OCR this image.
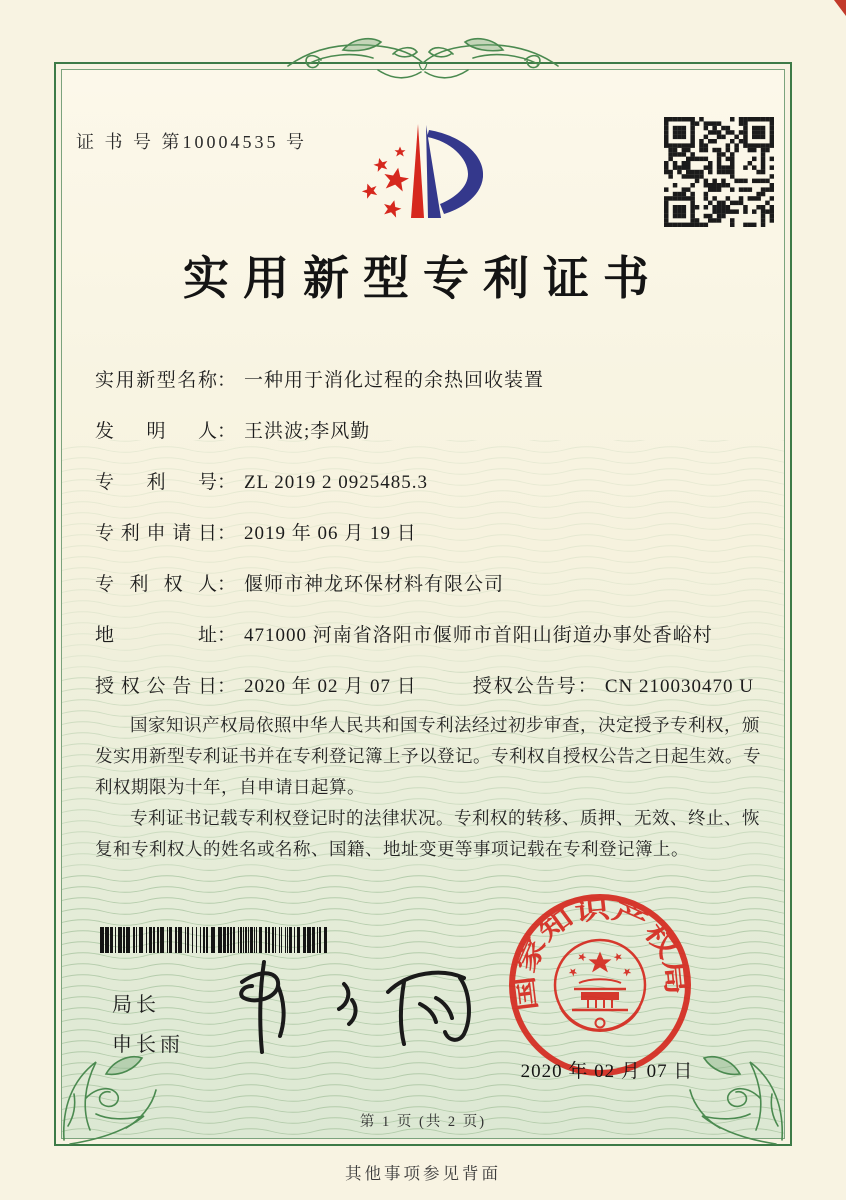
证 书 号 第10004535 号
实用新型专利证书
实 用 新 型 名 称 ： 一种用于消化过程的余热回收装置
发 明 人 ： 王洪波;李风勤
专 利 号 ： ZL 2019 2 0925485.3
专 利 申 请 日 ： 2019 年 06 月 19 日
专 利 权 人 ： 偃师市神龙环保材料有限公司
地	址 ： 471000 河南省洛阳市偃师市首阳山街道办事处香峪村
授 权 公 告 日 ： 2020 年 02 月 07 日	授权公告号： CN 210030470 U

国家知识产权局依照中华人民共和国专利法经过初步审查，决定授予专利权，颁发实用新型专利证书并在专利登记簿上予以登记。专利权自授权公告之日起生效。专利权期限为十年，自申请日起算。

专利证书记载专利权登记时的法律状况。专利权的转移、质押、无效、终止、恢复和专利权人的姓名或名称、国籍、地址变更等事项记载在专利登记簿上。

局长
申长雨
国家知识产权局
2020 年 02 月 07 日
第 1 页 (共 2 页)
其他事项参见背面
